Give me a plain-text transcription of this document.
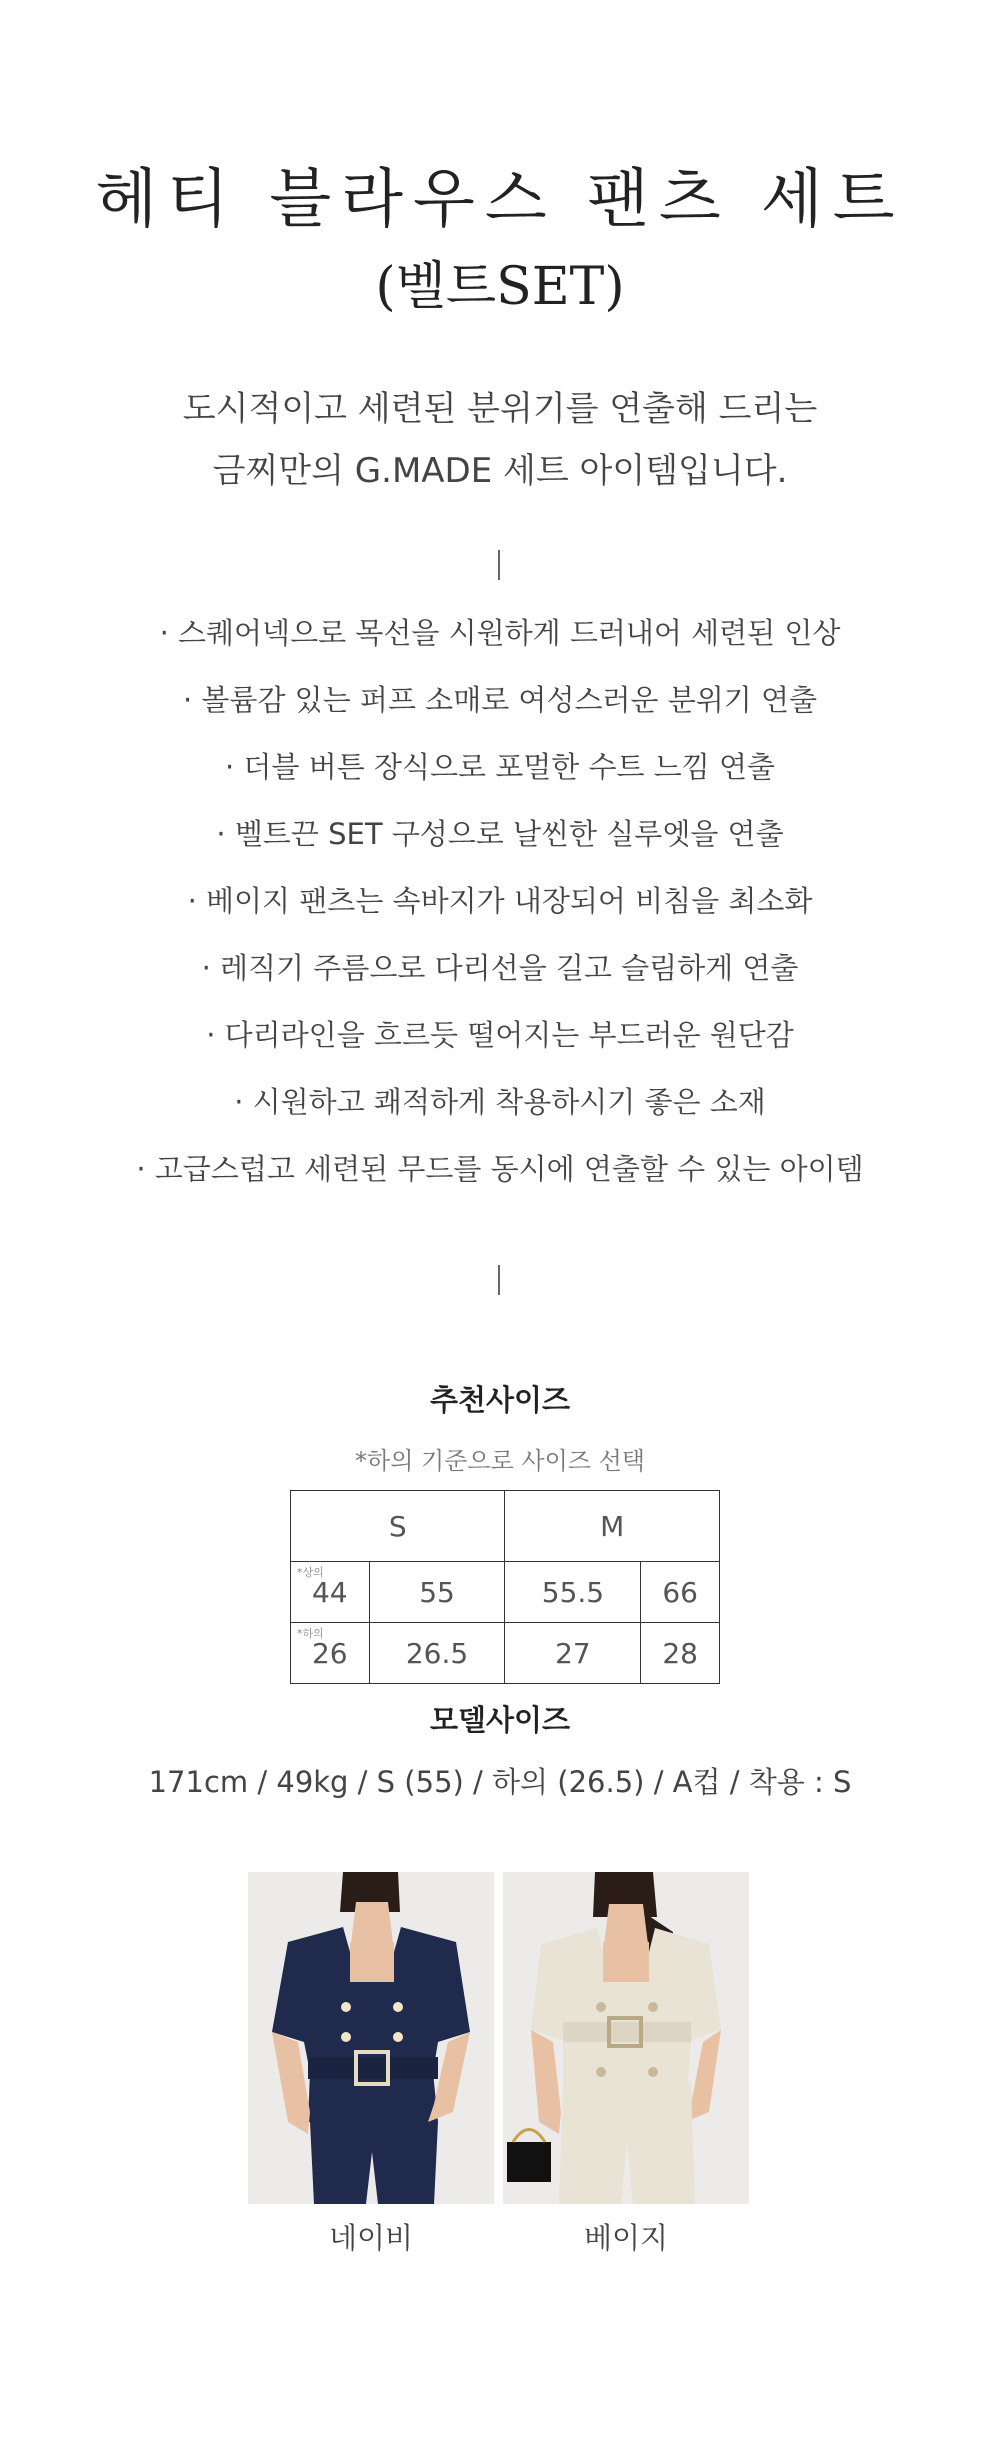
헤티 블라우스 팬츠 세트
(벨트SET)
도시적이고 세련된 분위기를 연출해 드리는
금찌만의 G.MADE 세트 아이템입니다.
· 스퀘어넥으로 목선을 시원하게 드러내어 세련된 인상
· 볼륨감 있는 퍼프 소매로 여성스러운 분위기 연출
· 더블 버튼 장식으로 포멀한 수트 느낌 연출
· 벨트끈 SET 구성으로 날씬한 실루엣을 연출
· 베이지 팬츠는 속바지가 내장되어 비침을 최소화
· 레직기 주름으로 다리선을 길고 슬림하게 연출
· 다리라인을 흐르듯 떨어지는 부드러운 원단감
· 시원하고 쾌적하게 착용하시기 좋은 소재
· 고급스럽고 세련된 무드를 동시에 연출할 수 있는 아이템
추천사이즈
*하의 기준으로 사이즈 선택
S		M	

*상의
44	55	55.5	66

*하의
26	26.5	27	28
모델사이즈
171cm / 49kg / S (55) / 하의 (26.5) / A컵 / 착용 : S
네이비	베이지
